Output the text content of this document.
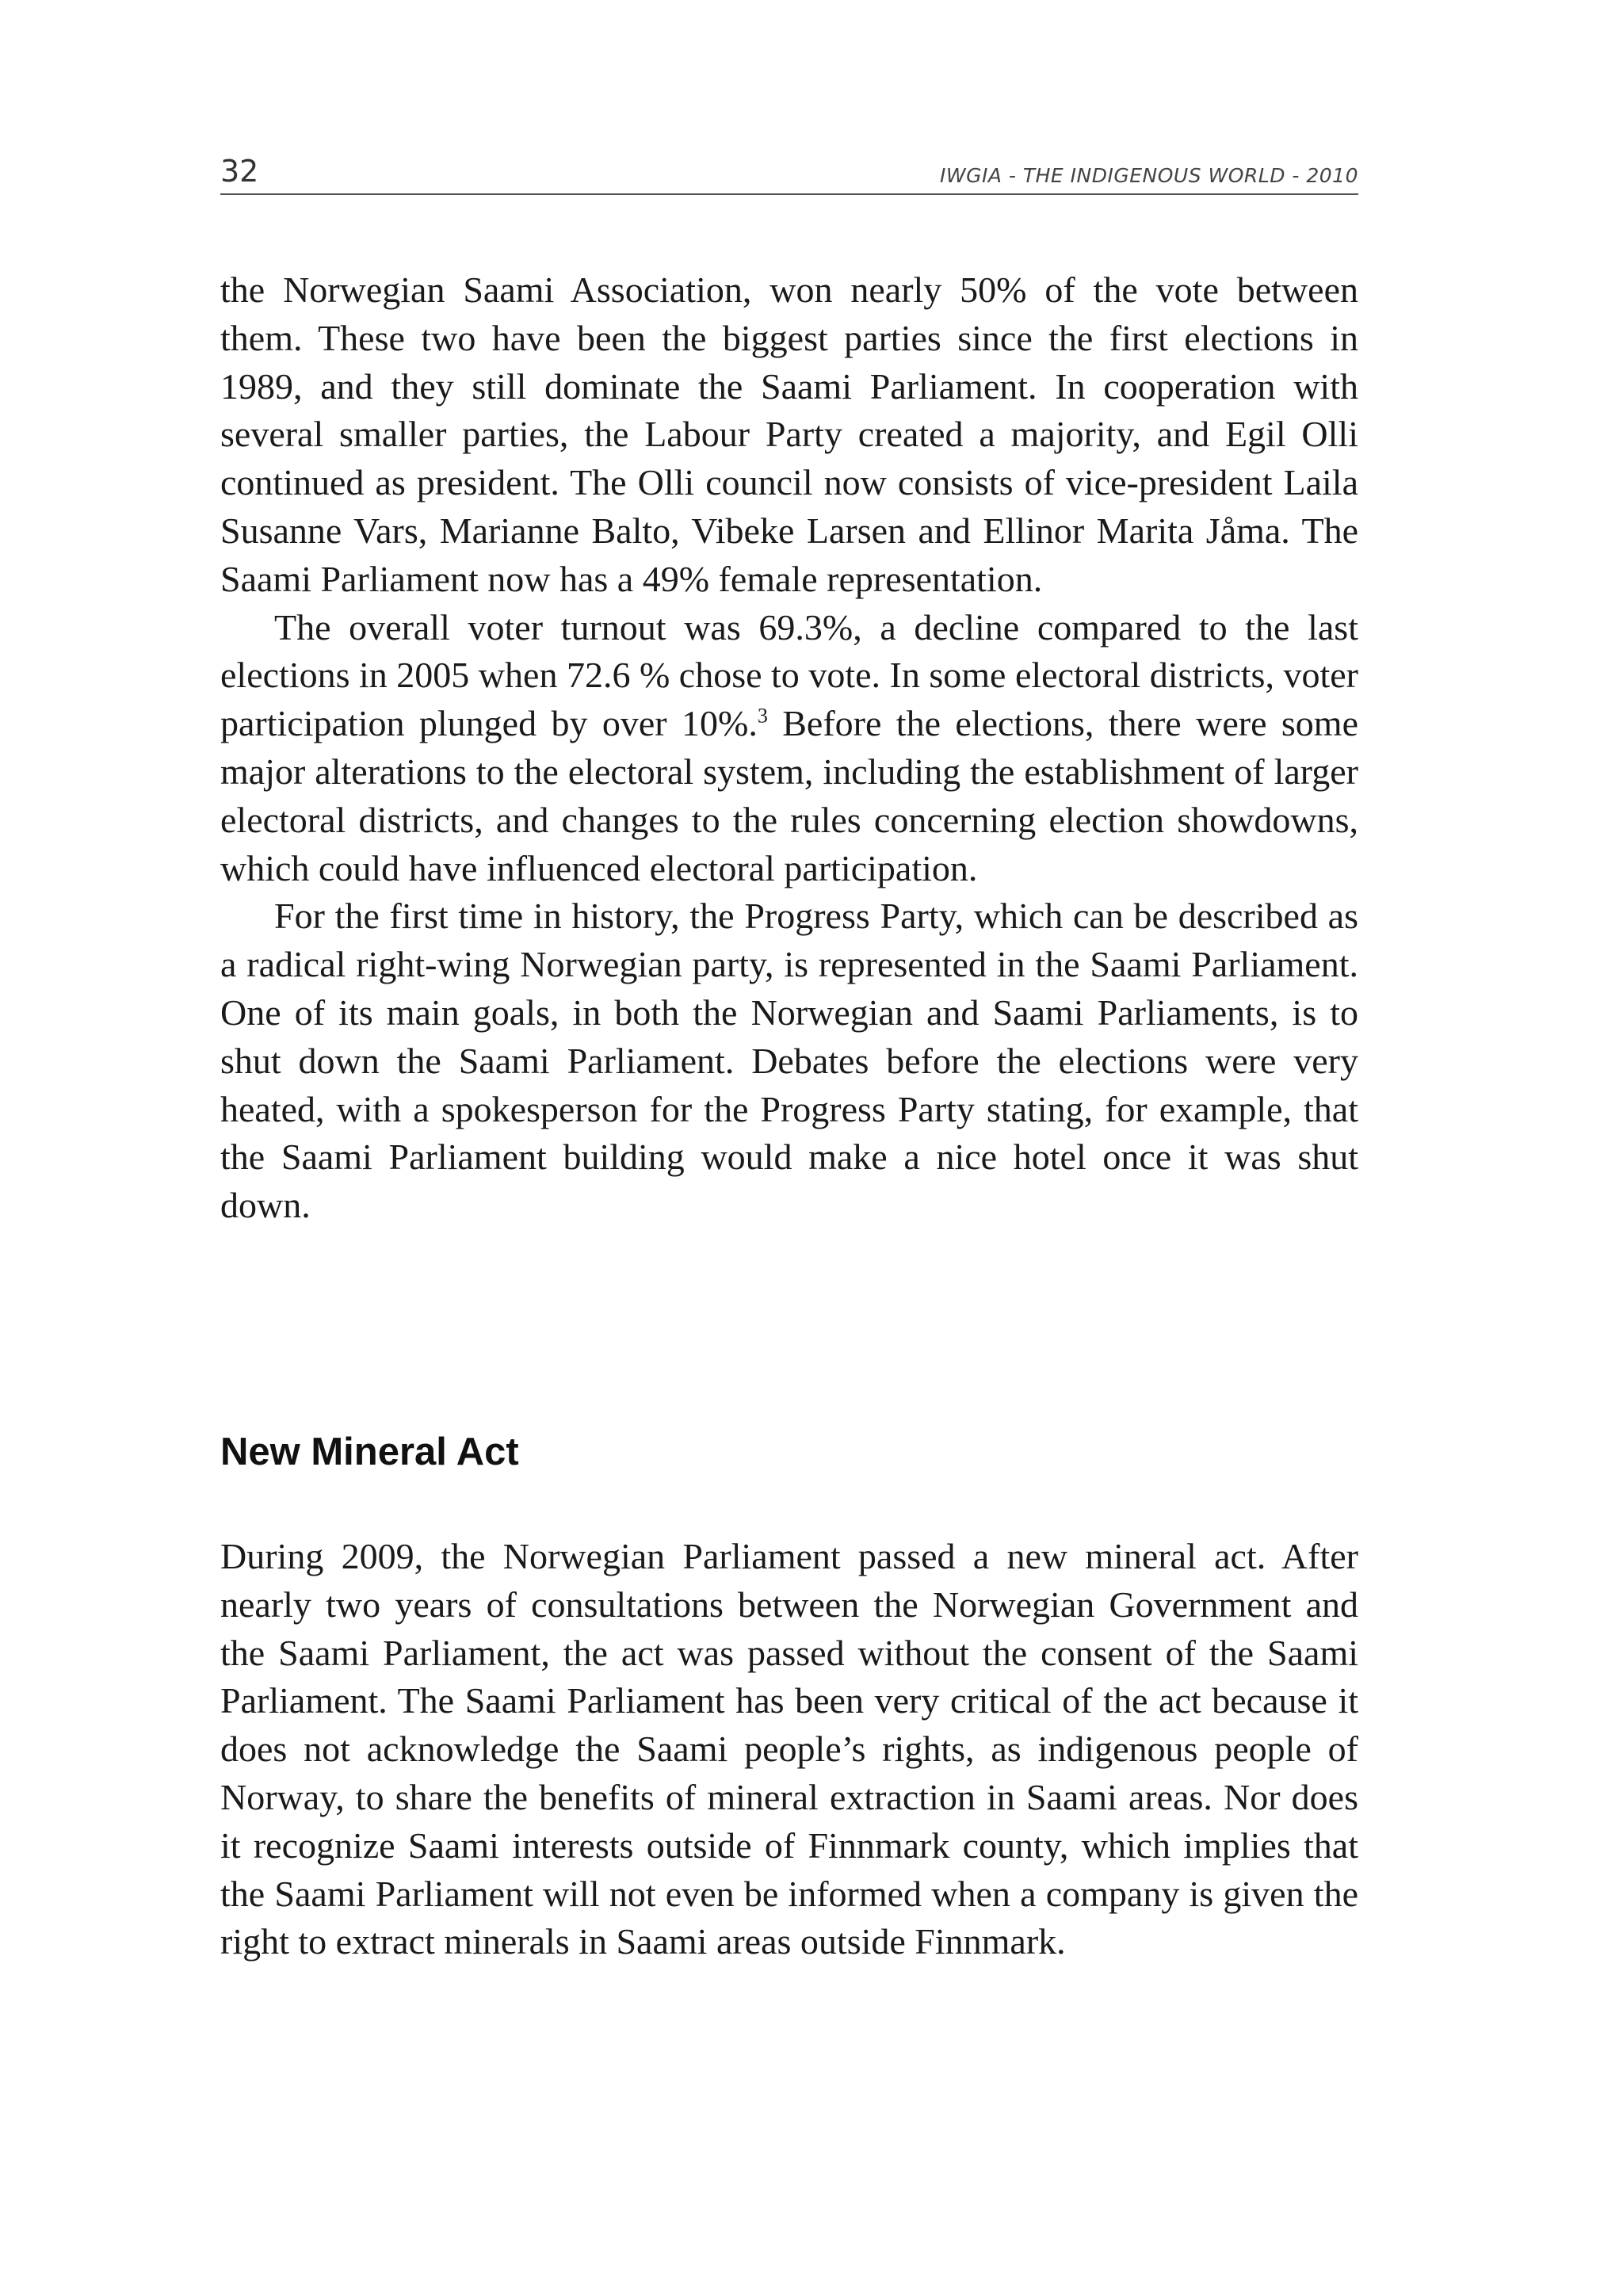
32	IWGIA - THE INDIGENOUS WORLD - 2010

the Norwegian Saami Association, won nearly 50% of the vote between them. These two have been the biggest parties since the first elections in 1989, and they still dominate the Saami Parliament. In cooperation with several smaller parties, the Labour Party created a majority, and Egil Olli continued as president. The Olli council now consists of vice-president Laila Susanne Vars, Marianne Balto, Vibeke Larsen and Ellinor Marita Jåma. The Saami Parliament now has a 49% female representation.

The overall voter turnout was 69.3%, a decline compared to the last elections in 2005 when 72.6 % chose to vote. In some electoral districts, voter participation plunged by over 10%.$^3$ Before the elections, there were some major alterations to the electoral system, including the establishment of larger electoral districts, and changes to the rules concerning election showdowns, which could have influenced electoral participation.

For the first time in history, the Progress Party, which can be described as a radical right-wing Norwegian party, is represented in the Saami Parliament. One of its main goals, in both the Norwegian and Saami Parliaments, is to shut down the Saami Parliament. Debates before the elections were very heated, with a spokesperson for the Progress Party stating, for example, that the Saami Parliament building would make a nice hotel once it was shut down.

New Mineral Act

During 2009, the Norwegian Parliament passed a new mineral act. After nearly two years of consultations between the Norwegian Government and the Saami Parliament, the act was passed without the consent of the Saami Parliament. The Saami Parliament has been very critical of the act because it does not acknowledge the Saami people’s rights, as indigenous people of Norway, to share the benefits of mineral extraction in Saami areas. Nor does it recognize Saami interests outside of Finnmark county, which implies that the Saami Parliament will not even be informed when a company is given the right to extract minerals in Saami areas outside Finnmark.
